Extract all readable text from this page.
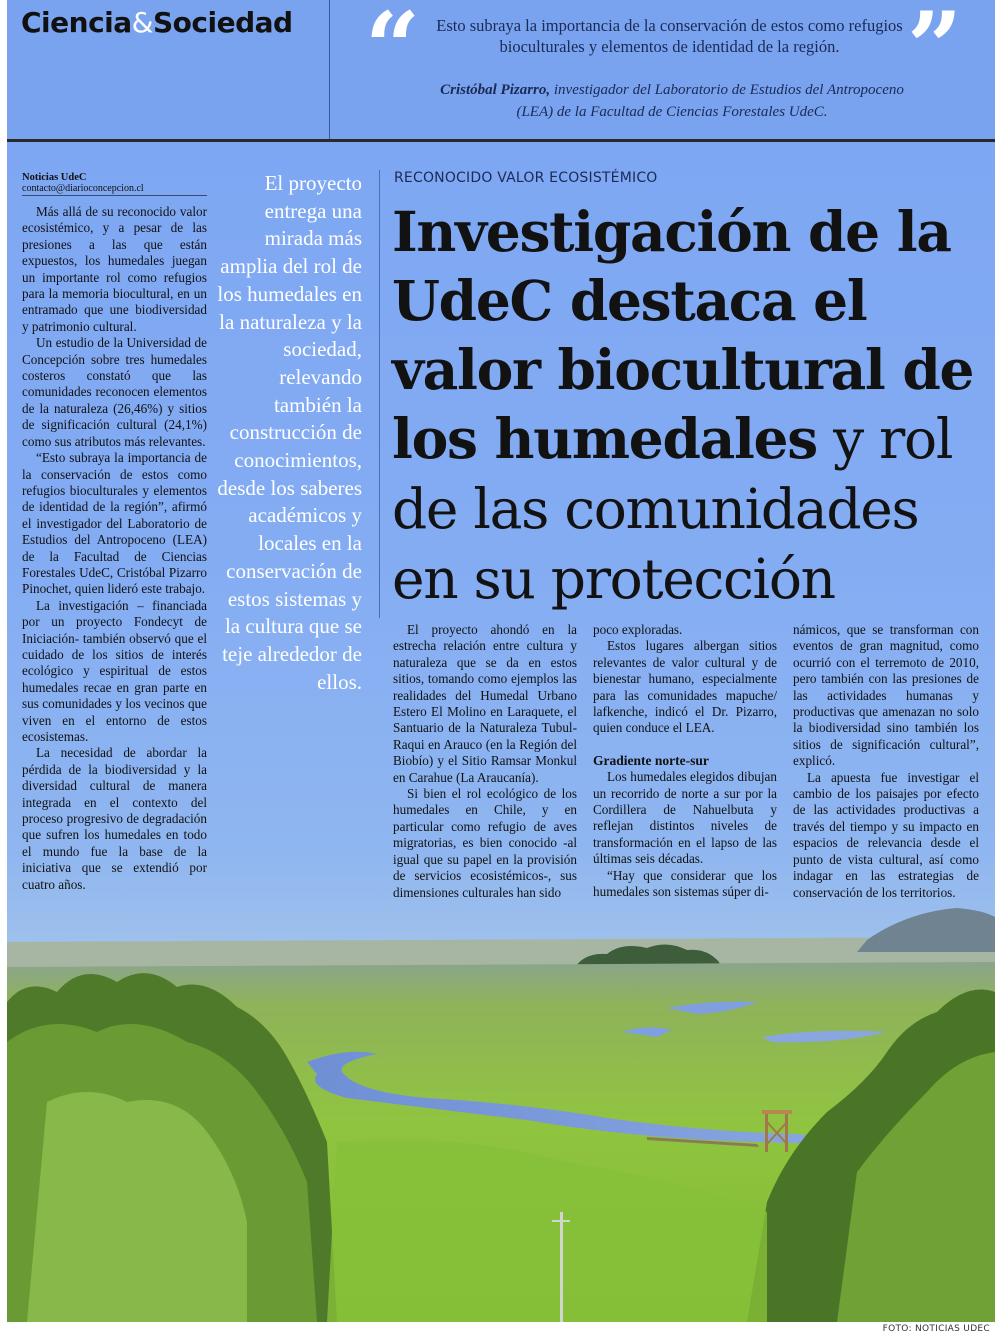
Ciencia&Sociedad “ Esto subraya la importancia de la conservación de estos como refugios bioculturales y elementos de identidad de la región. ”
Cristóbal Pizarro, investigador del Laboratorio de Estudios del Antropoceno (LEA) de la Facultad de Ciencias Forestales UdeC.
Noticias UdeC
contacto@diarioconcepcion.cl

Más allá de su reconocido valor ecosistémico, y a pesar de las presiones a las que están expuestos, los humedales juegan un importante rol como refugios para la memoria biocultural, en un entramado que une biodiversidad y patrimonio cultural.

Un estudio de la Universidad de Concepción sobre tres humedales costeros constató que las comunidades reconocen elementos de la naturaleza (26,46%) y sitios de significación cultural (24,1%) como sus atributos más relevantes.

“Esto subraya la importancia de la conservación de estos como refugios bioculturales y elementos de identidad de la región”, afirmó el investigador del Laboratorio de Estudios del Antropoceno (LEA) de la Facultad de Ciencias Forestales UdeC, Cristóbal Pizarro Pinochet, quien lideró este trabajo.

La investigación – financiada por un proyecto Fondecyt de Iniciación- también observó que el cuidado de los sitios de interés ecológico y espiritual de estos humedales recae en gran parte en sus comunidades y los vecinos que viven en el entorno de estos ecosistemas.

La necesidad de abordar la pérdida de la biodiversidad y la diversidad cultural de manera integrada en el contexto del proceso progresivo de degradación que sufren los humedales en todo el mundo fue la base de la iniciativa que se extendió por cuatro años.

El proyecto entrega una mirada más amplia del rol de los humedales en la naturaleza y la sociedad, relevando también la construcción de conocimientos, desde los saberes académicos y locales en la conservación de estos sistemas y la cultura que se teje alrededor de ellos.
RECONOCIDO VALOR ECOSISTÉMICO
Investigación de la UdeC destaca el valor biocultural de los humedales y rol de las comunidades en su protección

El proyecto ahondó en la estrecha relación entre cultura y naturaleza que se da en estos sitios, tomando como ejemplos las realidades del Humedal Urbano Estero El Molino en Laraquete, el Santuario de la Naturaleza Tubul-Raqui en Arauco (en la Región del Biobío) y el Sitio Ramsar Monkul en Carahue (La Araucanía).

Si bien el rol ecológico de los humedales en Chile, y en particular como refugio de aves migratorias, es bien conocido -al igual que su papel en la provisión de servicios ecosistémicos-, sus dimensiones culturales han sido

poco exploradas.

Estos lugares albergan sitios relevantes de valor cultural y de bienestar humano, especialmente para las comunidades mapuche/ lafkenche, indicó el Dr. Pizarro, quien conduce el LEA.

Gradiente norte-sur

Los humedales elegidos dibujan un recorrido de norte a sur por la Cordillera de Nahuelbuta y reflejan distintos niveles de transformación en el lapso de las últimas seis décadas.

“Hay que considerar que los humedales son sistemas súper di-

námicos, que se transforman con eventos de gran magnitud, como ocurrió con el terremoto de 2010, pero también con las presiones de las actividades humanas y productivas que amenazan no solo la biodiversidad sino también los sitios de significación cultural”, explicó.

La apuesta fue investigar el cambio de los paisajes por efecto de las actividades productivas a través del tiempo y su impacto en espacios de relevancia desde el punto de vista cultural, así como indagar en las estrategias de conservación de los territorios.

FOTO: NOTICIAS UDEC
